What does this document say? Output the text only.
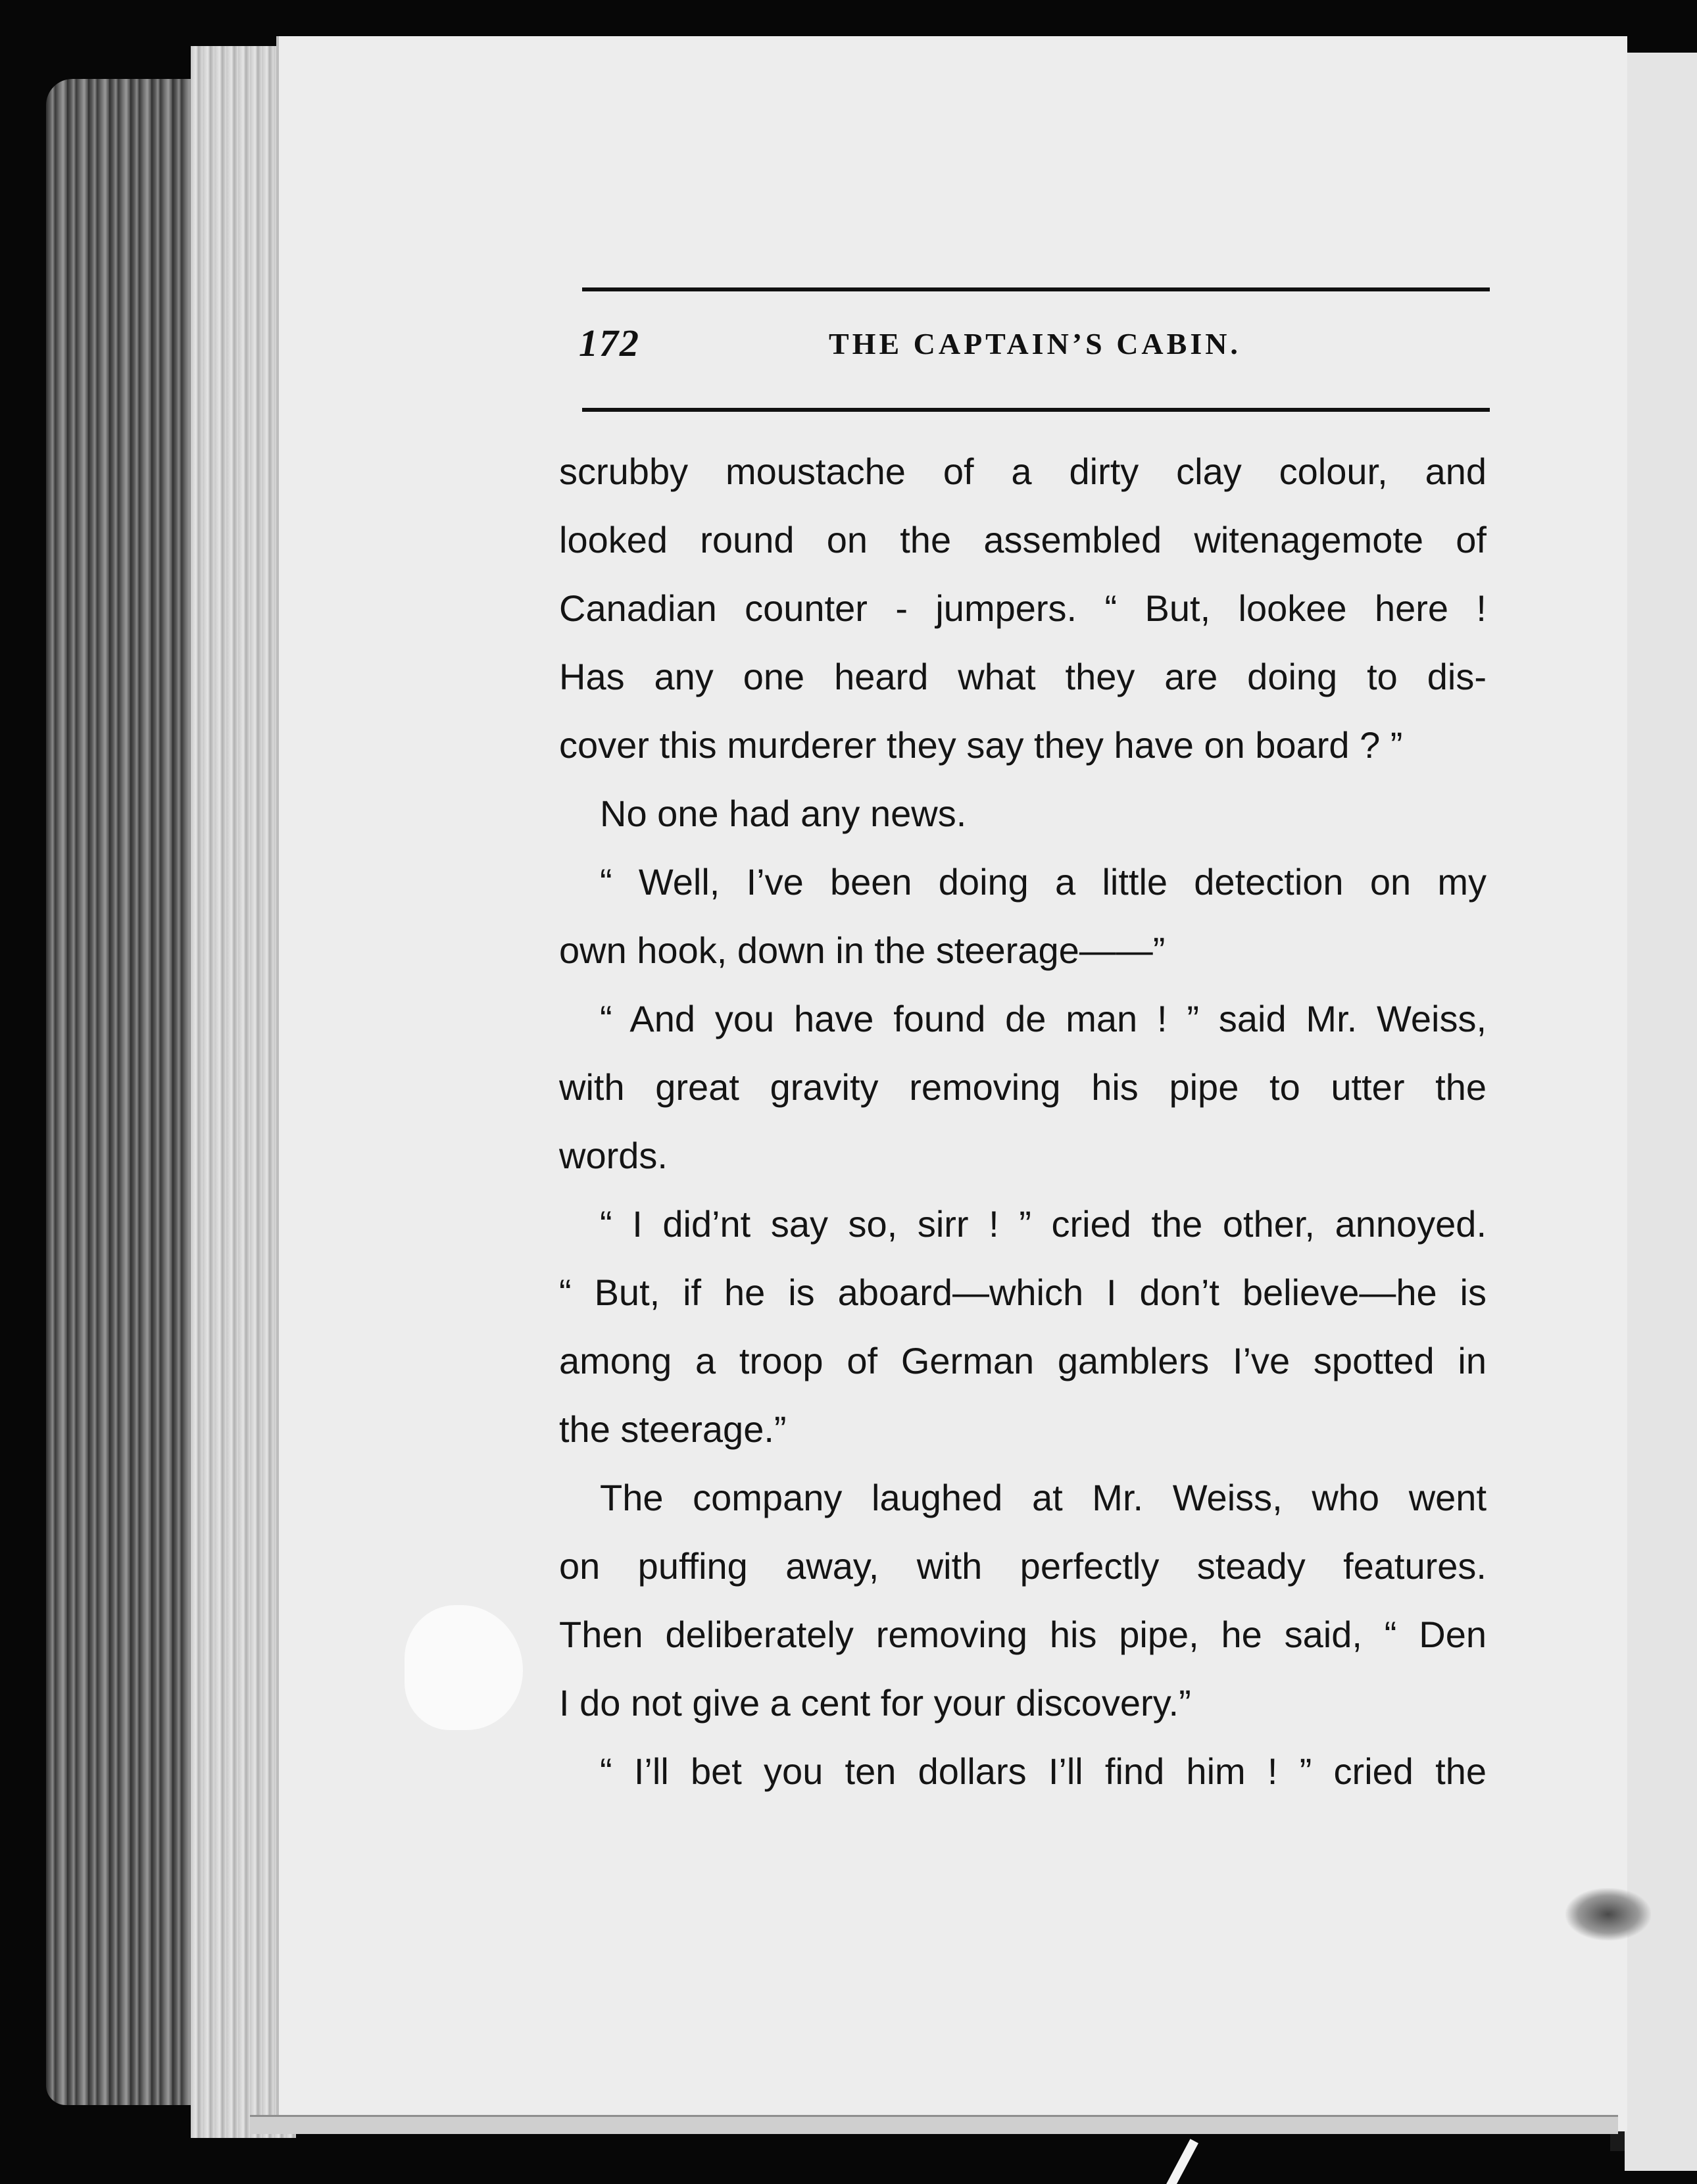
172	THE CAPTAIN’S CABIN.
scrubby moustache of a dirty clay colour, and
looked round on the assembled witenagemote of
Canadian counter - jumpers. “ But, lookee here !
Has any one heard what they are doing to dis-
cover this murderer they say they have on board ? ”
No one had any news.
“ Well, I’ve been doing a little detection on my
own hook, down in the steerage——”
“ And you have found de man ! ” said Mr. Weiss,
with great gravity removing his pipe to utter the
words.
“ I did’nt say so, sirr ! ” cried the other, annoyed.
“ But, if he is aboard—which I don’t believe—he is
among a troop of German gamblers I’ve spotted in
the steerage.”
The company laughed at Mr. Weiss, who went
on puffing away, with perfectly steady features.
Then deliberately removing his pipe, he said, “ Den
I do not give a cent for your discovery.”
“ I’ll bet you ten dollars I’ll find him ! ” cried the
